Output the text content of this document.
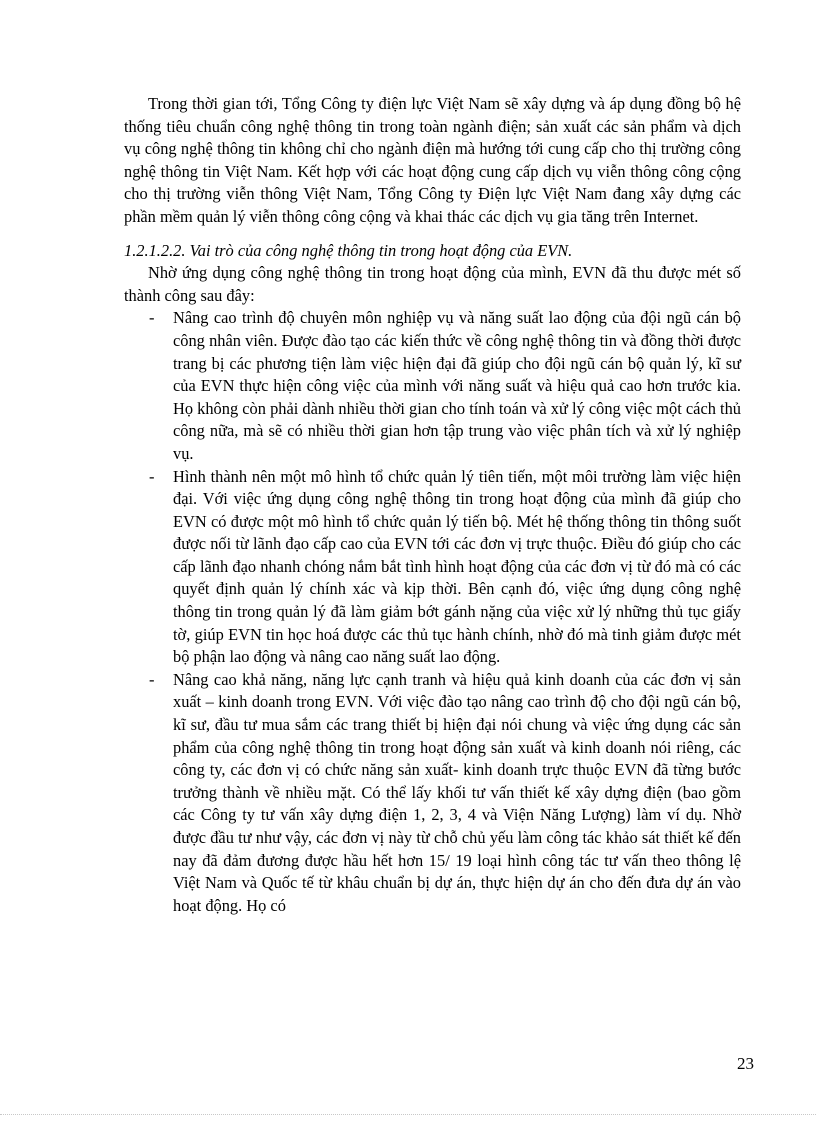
Trong thời gian tới, Tổng Công ty điện lực Việt Nam sẽ xây dựng và áp dụng đồng bộ hệ thống tiêu chuẩn công nghệ thông tin trong toàn ngành điện; sản xuất các sản phẩm và dịch vụ công nghệ thông tin không chỉ cho ngành điện mà hướng tới cung cấp cho thị trường công nghệ thông tin Việt Nam. Kết hợp với các hoạt động cung cấp dịch vụ viễn thông công cộng cho thị trường viễn thông Việt Nam, Tổng Công ty Điện lực Việt Nam đang xây dựng các phần mềm quản lý viễn thông công cộng và khai thác các dịch vụ gia tăng trên Internet.

1.2.1.2.2. Vai trò của công nghệ thông tin trong hoạt động của EVN.

Nhờ ứng dụng công nghệ thông tin trong hoạt động của mình, EVN đã thu được mét số thành công sau đây:

- Nâng cao trình độ chuyên môn nghiệp vụ và năng suất lao động của đội ngũ cán bộ công nhân viên. Được đào tạo các kiến thức về công nghệ thông tin và đồng thời được trang bị các phương tiện làm việc hiện đại đã giúp cho đội ngũ cán bộ quản lý, kĩ sư của EVN thực hiện công việc của mình với năng suất và hiệu quả cao hơn trước kia. Họ không còn phải dành nhiều thời gian cho tính toán và xử lý công việc một cách thủ công nữa, mà sẽ có nhiều thời gian hơn tập trung vào việc phân tích và xử lý nghiệp vụ.
- Hình thành nên một mô hình tổ chức quản lý tiên tiến, một môi trường làm việc hiện đại. Với việc ứng dụng công nghệ thông tin trong hoạt động của mình đã giúp cho EVN có được một mô hình tổ chức quản lý tiến bộ. Mét hệ thống thông tin thông suốt được nối từ lãnh đạo cấp cao của EVN tới các đơn vị trực thuộc. Điều đó giúp cho các cấp lãnh đạo nhanh chóng nắm bắt tình hình hoạt động của các đơn vị từ đó mà có các quyết định quản lý chính xác và kịp thời. Bên cạnh đó, việc ứng dụng công nghệ thông tin trong quản lý đã làm giảm bớt gánh nặng của việc xử lý những thủ tục giấy tờ, giúp EVN tin học hoá được các thủ tục hành chính, nhờ đó mà tinh giảm được mét bộ phận lao động và nâng cao năng suất lao động.
- Nâng cao khả năng, năng lực cạnh tranh và hiệu quả kinh doanh của các đơn vị sản xuất – kinh doanh trong EVN. Với việc đào tạo nâng cao trình độ cho đội ngũ cán bộ, kĩ sư, đầu tư mua sắm các trang thiết bị hiện đại nói chung và việc ứng dụng các sản phẩm của công nghệ thông tin trong hoạt động sản xuất và kinh doanh nói riêng, các công ty, các đơn vị có chức năng sản xuất- kinh doanh trực thuộc EVN đã từng bước trưởng thành về nhiều mặt. Có thể lấy khối tư vấn thiết kế xây dựng điện (bao gồm các Công ty tư vấn xây dựng điện 1, 2, 3, 4 và Viện Năng Lượng) làm ví dụ. Nhờ được đầu tư như vậy, các đơn vị này từ chỗ chủ yếu làm công tác khảo sát thiết kế đến nay đã đảm đương được hầu hết hơn 15/ 19 loại hình công tác tư vấn theo thông lệ Việt Nam và Quốc tế từ khâu chuẩn bị dự án, thực hiện dự án cho đến đưa dự án vào hoạt động. Họ có
23
